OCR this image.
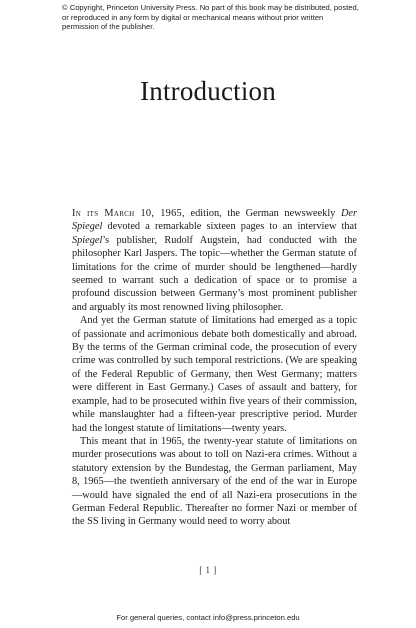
© Copyright, Princeton University Press. No part of this book may be distributed, posted, or reproduced in any form by digital or mechanical means without prior written permission of the publisher.
Introduction

In its March 10, 1965, edition, the German newsweekly Der Spiegel devoted a remarkable sixteen pages to an interview that Spiegel’s publisher, Rudolf Augstein, had conducted with the philosopher Karl Jaspers. The topic—whether the German statute of limitations for the crime of murder should be lengthened—hardly seemed to warrant such a dedication of space or to promise a profound discussion between Germany’s most prominent publisher and arguably its most renowned living philosopher.

And yet the German statute of limitations had emerged as a topic of passionate and acrimonious debate both domestically and abroad. By the terms of the German criminal code, the prosecution of every crime was controlled by such temporal restrictions. (We are speaking of the Federal Republic of Germany, then West Germany; matters were different in East Germany.) Cases of assault and battery, for example, had to be prosecuted within five years of their commission, while manslaughter had a fifteen-year prescriptive period. Murder had the longest statute of limitations—twenty years.

This meant that in 1965, the twenty-year statute of limitations on murder prosecutions was about to toll on Nazi-era crimes. Without a statutory extension by the Bundestag, the German parliament, May 8, 1965—the twentieth anniversary of the end of the war in Europe—would have signaled the end of all Nazi-era prosecutions in the German Federal Republic. Thereafter no former Nazi or member of the SS living in Germany would need to worry about

[ 1 ]
For general queries, contact info@press.princeton.edu
